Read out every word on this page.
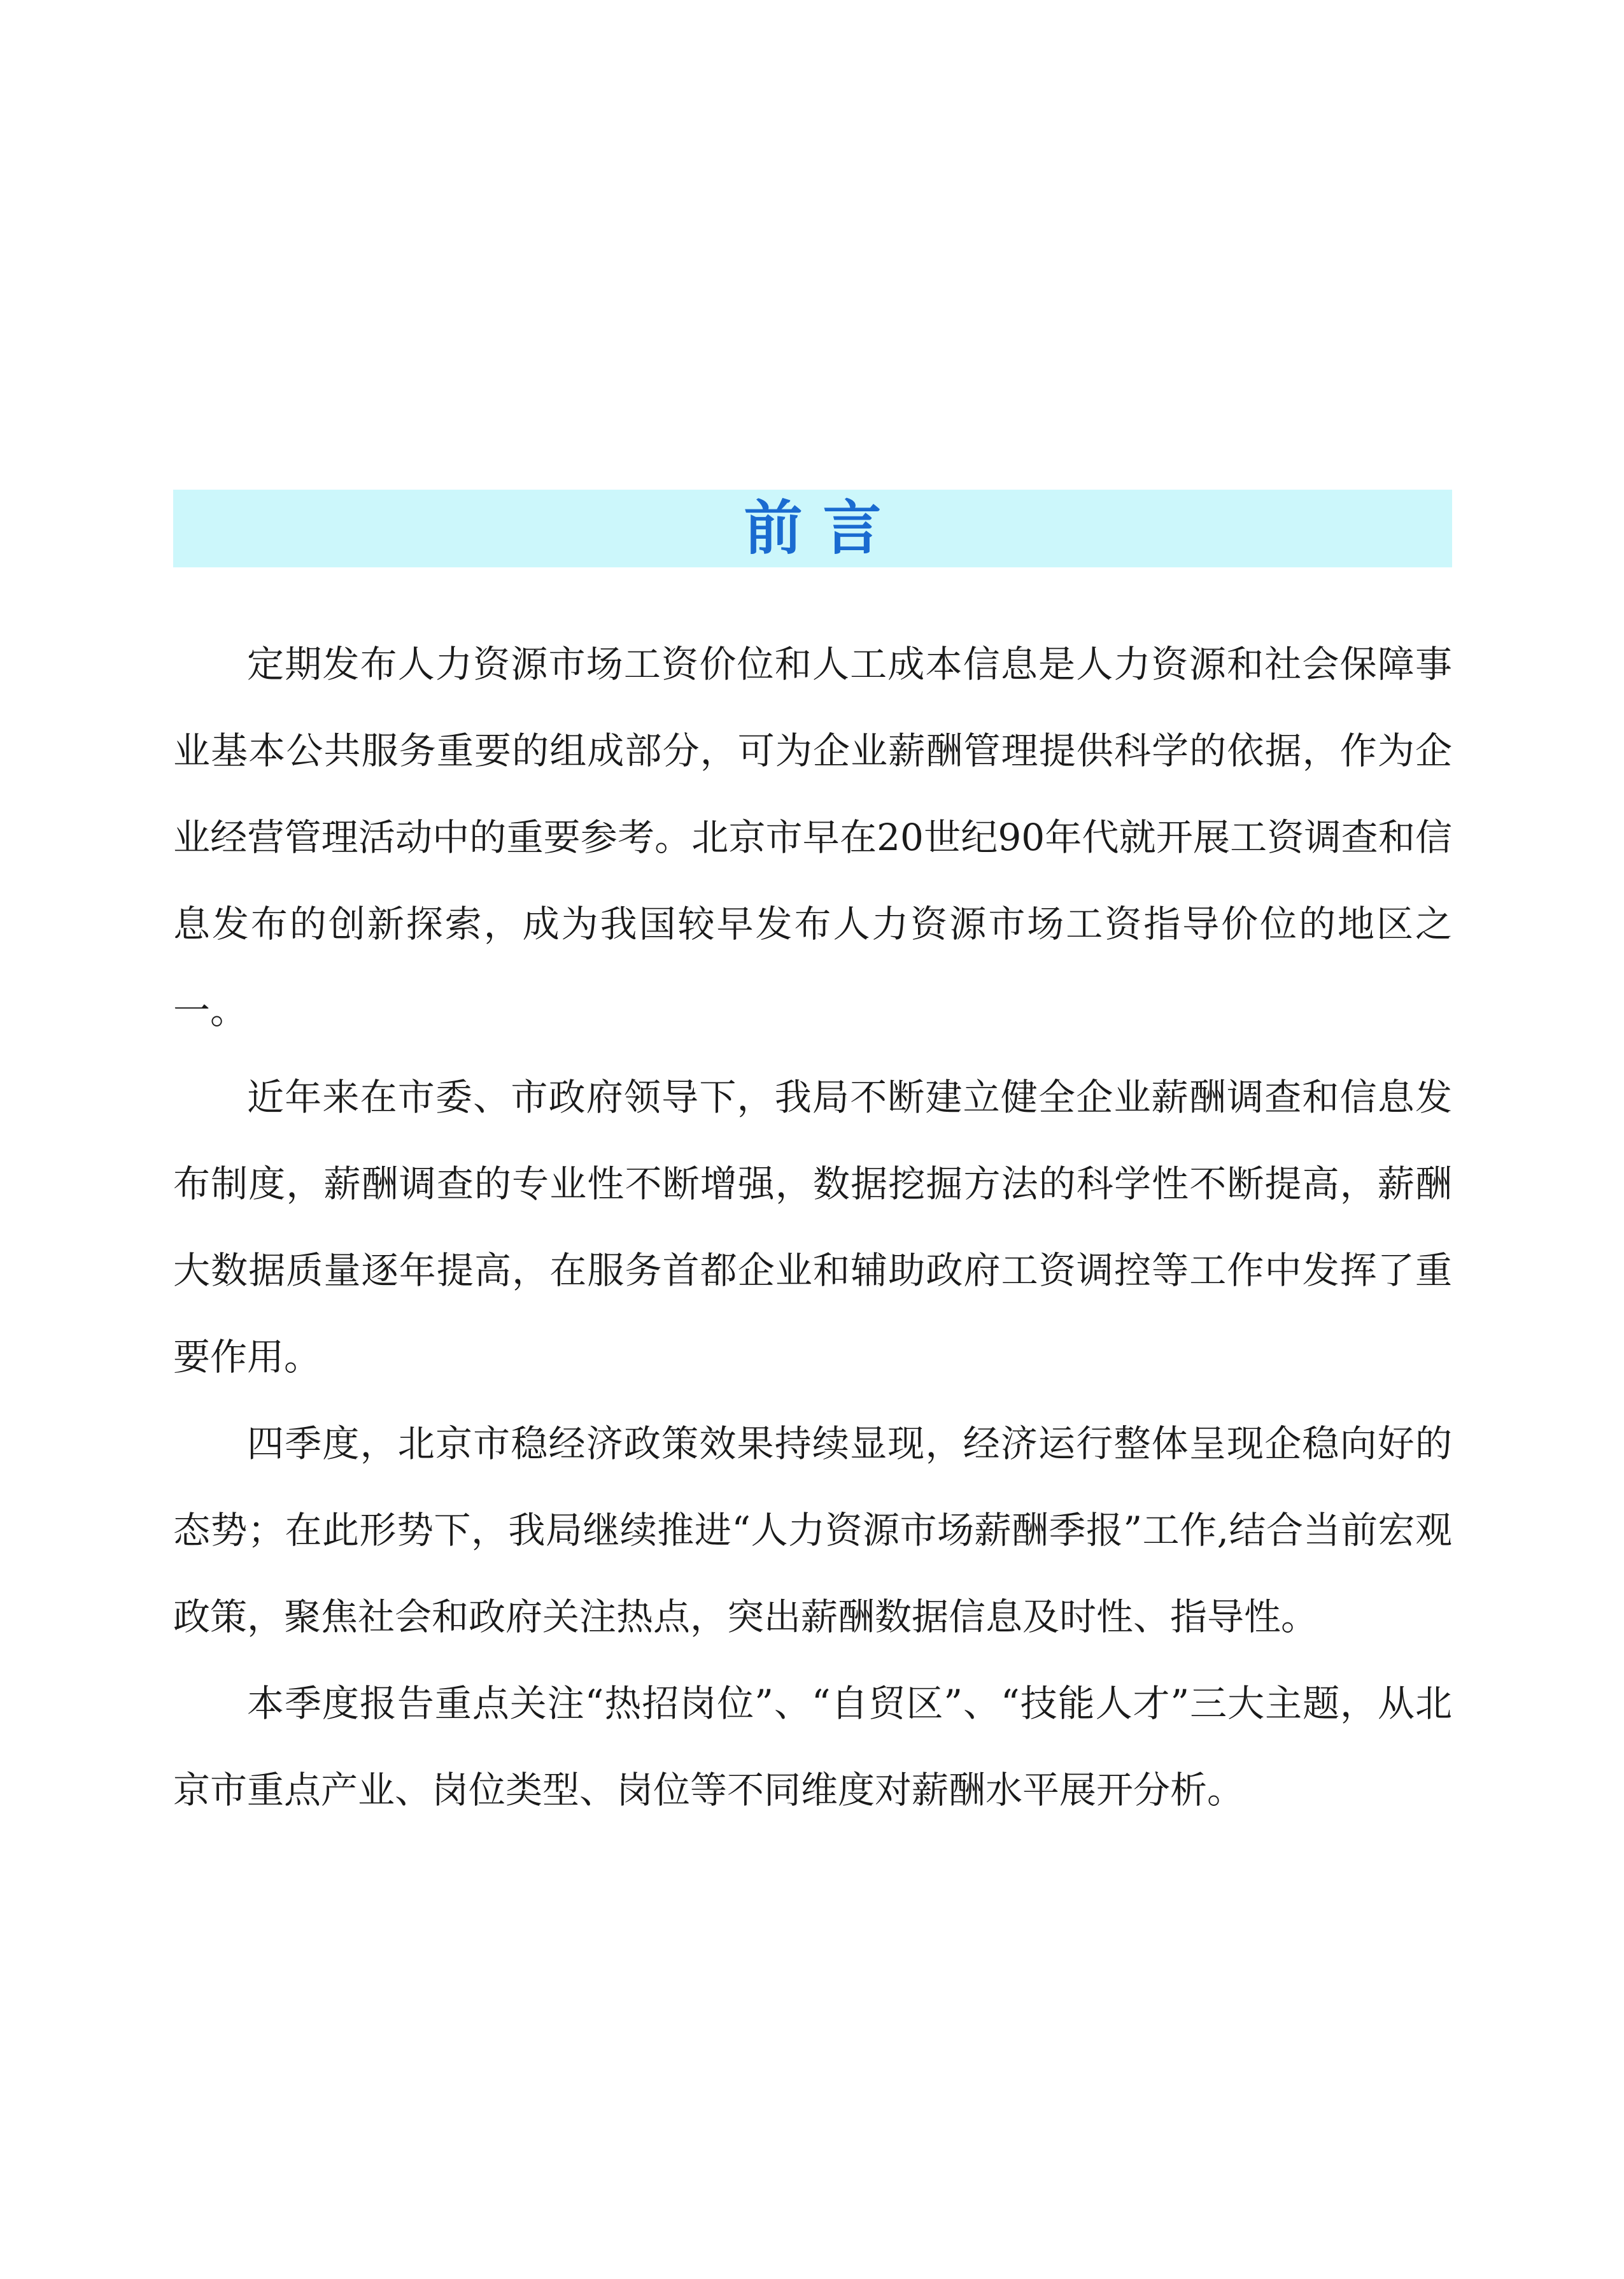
前言

定期发布人力资源市场工资价位和人工成本信息是人力资源和社会保障事业基本公共服务重要的组成部分，可为企业薪酬管理提供科学的依据，作为企业经营管理活动中的重要参考。北京市早在20世纪90年代就开展工资调查和信息发布的创新探索，成为我国较早发布人力资源市场工资指导价位的地区之一。

近年来在市委、市政府领导下，我局不断建立健全企业薪酬调查和信息发布制度，薪酬调查的专业性不断增强，数据挖掘方法的科学性不断提高，薪酬大数据质量逐年提高，在服务首都企业和辅助政府工资调控等工作中发挥了重要作用。

四季度，北京市稳经济政策效果持续显现，经济运行整体呈现企稳向好的态势；在此形势下，我局继续推进“人力资源市场薪酬季报”工作,结合当前宏观政策，聚焦社会和政府关注热点，突出薪酬数据信息及时性、指导性。

本季度报告重点关注“热招岗位”、“自贸区”、“技能人才”三大主题，从北京市重点产业、岗位类型、岗位等不同维度对薪酬水平展开分析。
